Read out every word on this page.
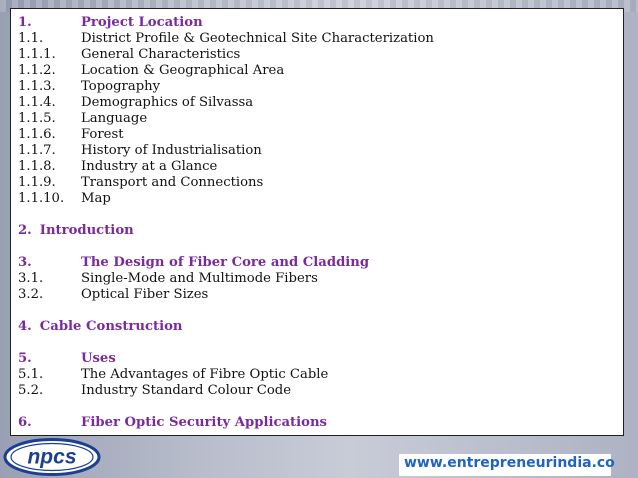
1.	Project Location
1.1.	District Profile & Geotechnical Site Characterization
1.1.1.	General Characteristics
1.1.2.	Location & Geographical Area
1.1.3.	Topography
1.1.4.	Demographics of Silvassa
1.1.5.	Language
1.1.6.	Forest
1.1.7.	History of Industrialisation
1.1.8.	Industry at a Glance
1.1.9.	Transport and Connections
1.1.10.	Map
2. Introduction
3.	The Design of Fiber Core and Cladding
3.1.	Single-Mode and Multimode Fibers
3.2.	Optical Fiber Sizes
4. Cable Construction
5.	Uses
5.1.	The Advantages of Fibre Optic Cable
5.2.	Industry Standard Colour Code
6.	Fiber Optic Security Applications
npcs	www.entrepreneurindia.co
